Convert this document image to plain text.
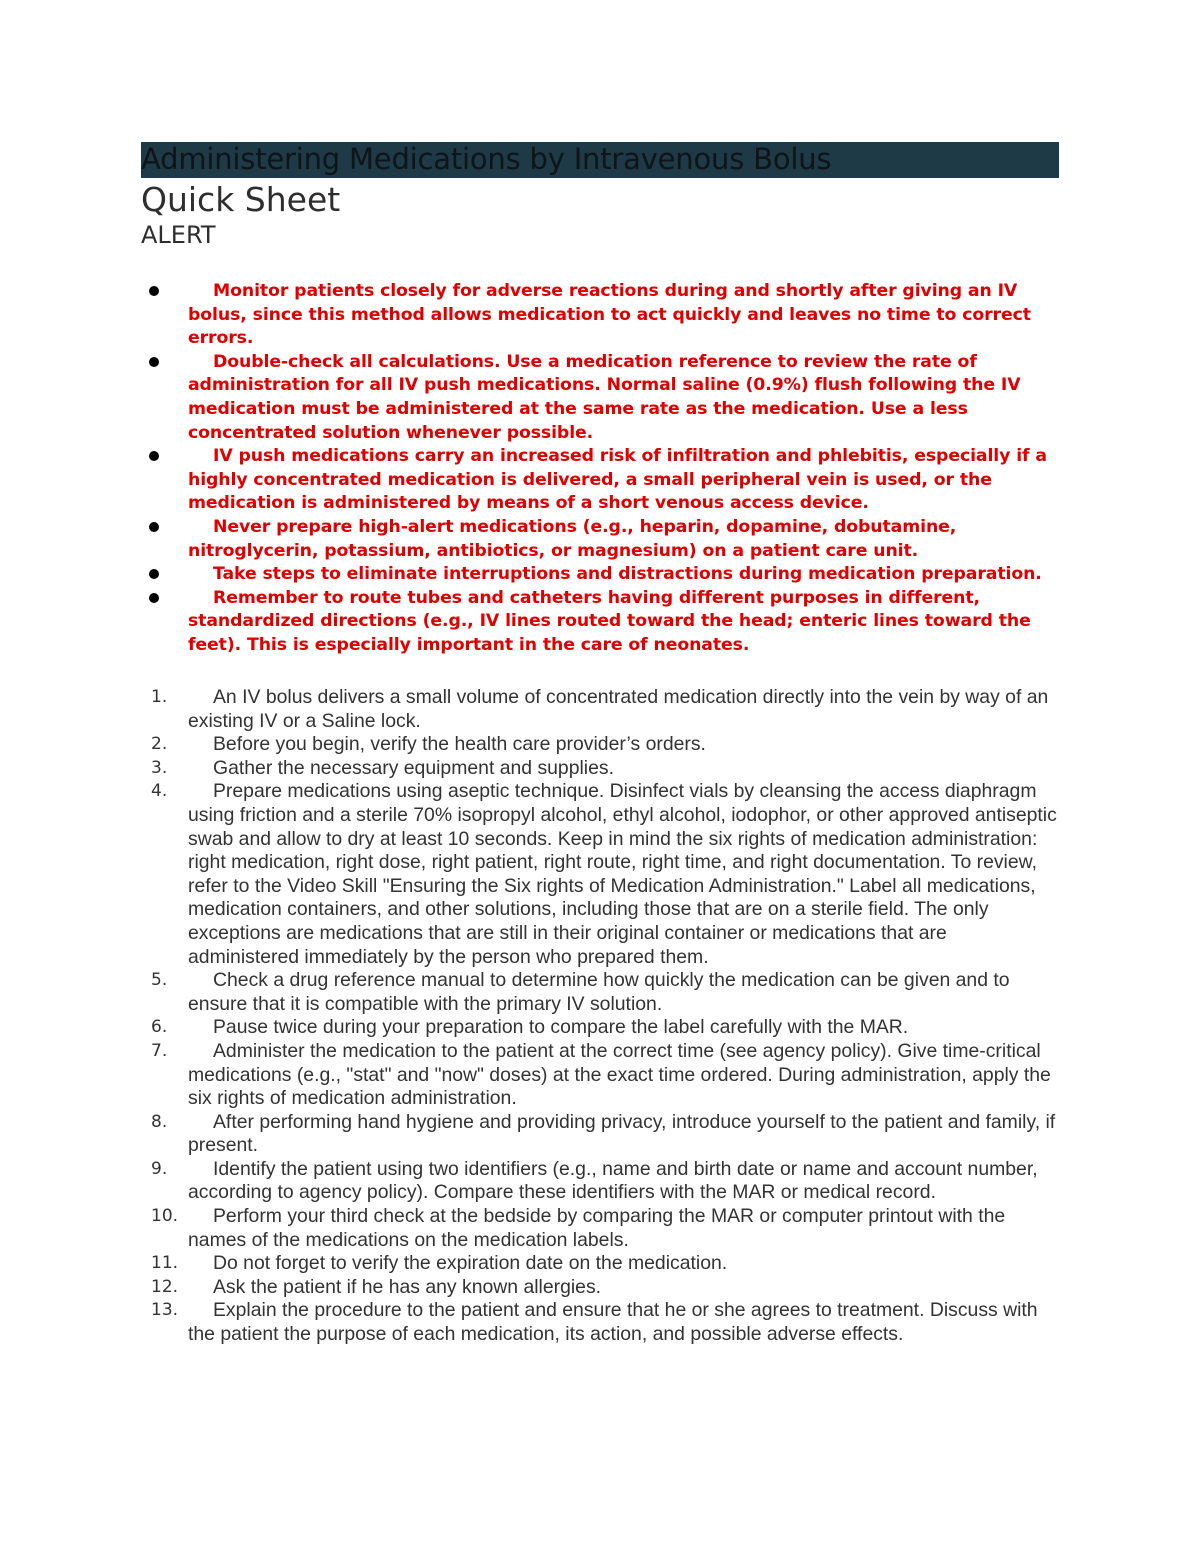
Administering Medications by Intravenous Bolus
Quick Sheet
ALERT
Monitor patients closely for adverse reactions during and shortly after giving an IV bolus, since this method allows medication to act quickly and leaves no time to correct errors.
Double-check all calculations. Use a medication reference to review the rate of administration for all IV push medications. Normal saline (0.9%) flush following the IV medication must be administered at the same rate as the medication. Use a less concentrated solution whenever possible.
IV push medications carry an increased risk of infiltration and phlebitis, especially if a highly concentrated medication is delivered, a small peripheral vein is used, or the medication is administered by means of a short venous access device.
Never prepare high-alert medications (e.g., heparin, dopamine, dobutamine, nitroglycerin, potassium, antibiotics, or magnesium) on a patient care unit.
Take steps to eliminate interruptions and distractions during medication preparation.
Remember to route tubes and catheters having different purposes in different, standardized directions (e.g., IV lines routed toward the head; enteric lines toward the feet). This is especially important in the care of neonates.
1. An IV bolus delivers a small volume of concentrated medication directly into the vein by way of an existing IV or a Saline lock.
2. Before you begin, verify the health care provider’s orders.
3. Gather the necessary equipment and supplies.
4. Prepare medications using aseptic technique. Disinfect vials by cleansing the access diaphragm using friction and a sterile 70% isopropyl alcohol, ethyl alcohol, iodophor, or other approved antiseptic swab and allow to dry at least 10 seconds. Keep in mind the six rights of medication administration: right medication, right dose, right patient, right route, right time, and right documentation. To review, refer to the Video Skill "Ensuring the Six rights of Medication Administration." Label all medications, medication containers, and other solutions, including those that are on a sterile field. The only exceptions are medications that are still in their original container or medications that are administered immediately by the person who prepared them.
5. Check a drug reference manual to determine how quickly the medication can be given and to ensure that it is compatible with the primary IV solution.
6. Pause twice during your preparation to compare the label carefully with the MAR.
7. Administer the medication to the patient at the correct time (see agency policy). Give time-critical medications (e.g., "stat" and "now" doses) at the exact time ordered. During administration, apply the six rights of medication administration.
8. After performing hand hygiene and providing privacy, introduce yourself to the patient and family, if present.
9. Identify the patient using two identifiers (e.g., name and birth date or name and account number, according to agency policy). Compare these identifiers with the MAR or medical record.
10. Perform your third check at the bedside by comparing the MAR or computer printout with the names of the medications on the medication labels.
11. Do not forget to verify the expiration date on the medication.
12. Ask the patient if he has any known allergies.
13. Explain the procedure to the patient and ensure that he or she agrees to treatment. Discuss with the patient the purpose of each medication, its action, and possible adverse effects.
